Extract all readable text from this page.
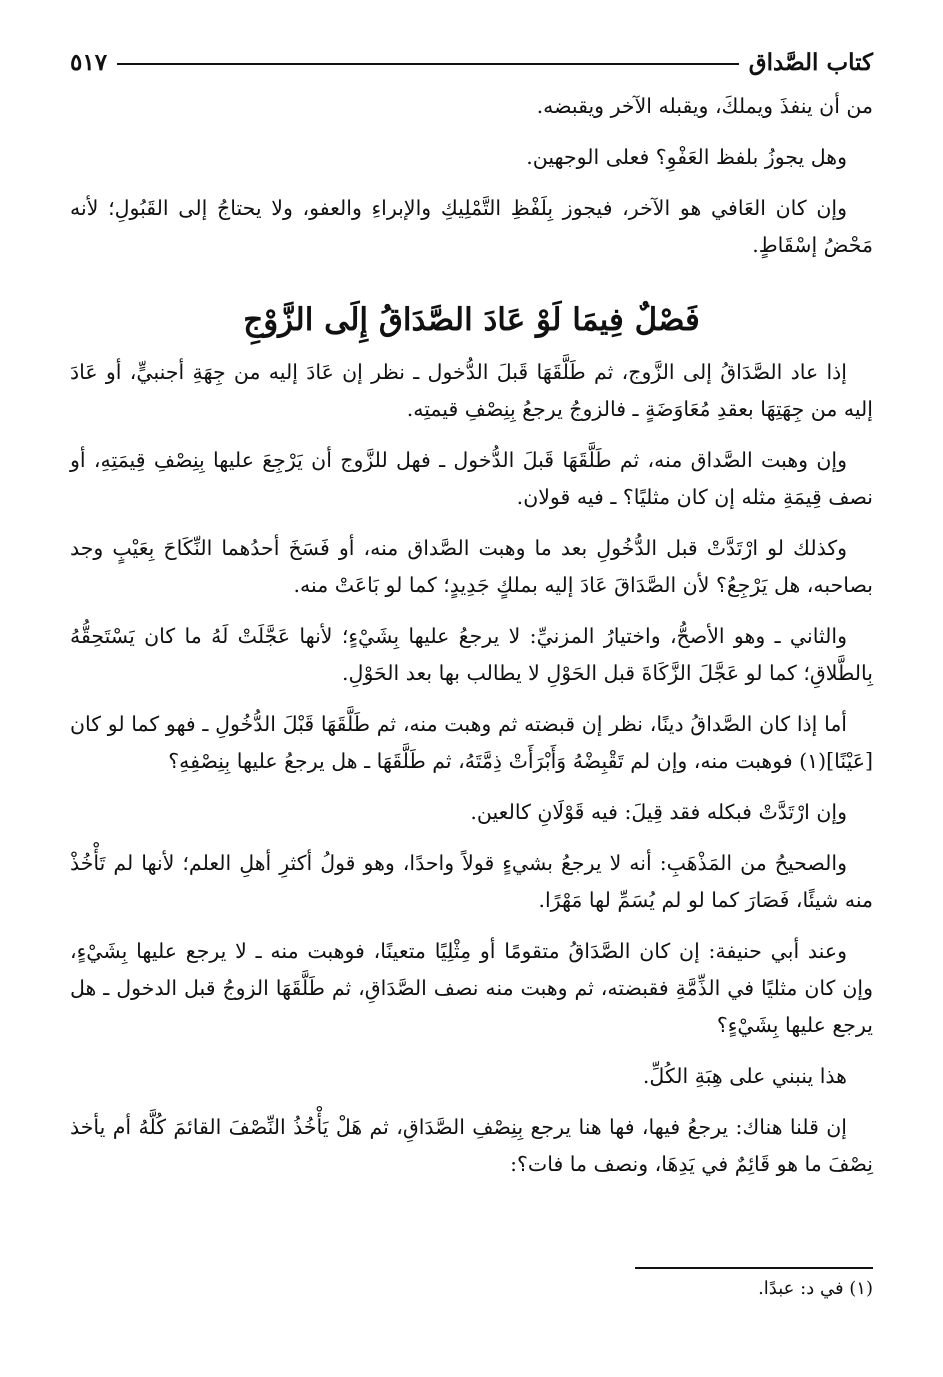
كتاب الصَّداق
٥١٧

من أن ينفذَ ويملكَ، ويقبله الآخر ويقبضه.

وهل يجوزُ بلفظ العَفْوِ؟ فعلى الوجهين.

وإن كان العَافي هو الآخر، فيجوز بِلَفْظِ التَّمْلِيكِ والإبراءِ والعفو، ولا يحتاجُ إلى القَبُولِ؛ لأنه مَحْضُ إسْقَاطٍ.

فَصْلٌ فِيمَا لَوْ عَادَ الصَّدَاقُ إِلَى الزَّوْجِ

إذا عاد الصَّدَاقُ إلى الزَّوج، ثم طَلَّقَهَا قَبلَ الدُّخول ـ نظر إن عَادَ إليه من جِهَةِ أجنبيٍّ، أو عَادَ إليه من جِهَتِهَا بعقدِ مُعَاوَضَةٍ ـ فالزوجُ يرجعُ بِنِصْفِ قيمتِه.

وإن وهبت الصَّداق منه، ثم طَلَّقَهَا قَبلَ الدُّخول ـ فهل للزَّوج أن يَرْجِعَ عليها بِنِصْفِ قِيمَتِهِ، أو نصف قِيمَةِ مثله إن كان مثليًا؟ ـ فيه قولان.

وكذلك لو ارْتَدَّتْ قبل الدُّخُولِ بعد ما وهبت الصَّداق منه، أو فَسَخَ أحدُهما النِّكَاحَ بِعَيْبٍ وجد بصاحبه، هل يَرْجِعُ؟ لأن الصَّدَاقَ عَادَ إليه بملكٍ جَدِيدٍ؛ كما لو بَاعَتْ منه.

والثاني ـ وهو الأصحُّ، واختيارُ المزنيِّ: لا يرجعُ عليها بِشَيْءٍ؛ لأنها عَجَّلَتْ لَهُ ما كان يَسْتَحِقُّهُ بِالطَّلاقِ؛ كما لو عَجَّلَ الزَّكَاةَ قبل الحَوْلِ لا يطالب بها بعد الحَوْلِ.

أما إذا كان الصَّداقُ دينًا، نظر إن قبضته ثم وهبت منه، ثم طَلَّقَهَا قَبْلَ الدُّخُولِ ـ فهو كما لو كان [عَيْنًا](١) فوهبت منه، وإن لم تَقْبِضْهُ وَأَبْرَأَتْ ذِمَّتَهُ، ثم طَلَّقَهَا ـ هل يرجعُ عليها بِنِصْفِهِ؟

وإن ارْتَدَّتْ فبكله فقد قِيلَ: فيه قَوْلَانِ كالعين.

والصحيحُ من المَذْهَبِ: أنه لا يرجعُ بشيءٍ قولاً واحدًا، وهو قولُ أكثرِ أهلِ العلم؛ لأنها لم تَأْخُذْ منه شيئًا، فَصَارَ كما لو لم يُسَمِّ لها مَهْرًا.

وعند أبي حنيفة: إن كان الصَّدَاقُ متقومًا أو مِثْلِيًا متعينًا، فوهبت منه ـ لا يرجع عليها بِشَيْءٍ، وإن كان مثليًا في الذِّمَّةِ فقبضته، ثم وهبت منه نصف الصَّدَاقِ، ثم طَلَّقَهَا الزوجُ قبل الدخول ـ هل يرجع عليها بِشَيْءٍ؟

هذا ينبني على هِبَةِ الكُلِّ.

إن قلنا هناك: يرجعُ فيها، فها هنا يرجع بِنِصْفِ الصَّدَاقِ، ثم هَلْ يَأْخُذُ النِّصْفَ القائمَ كُلَّهُ أم يأخذ نِصْفَ ما هو قَائِمٌ في يَدِهَا، ونصف ما فات؟:

(١) في د: عبدًا.
